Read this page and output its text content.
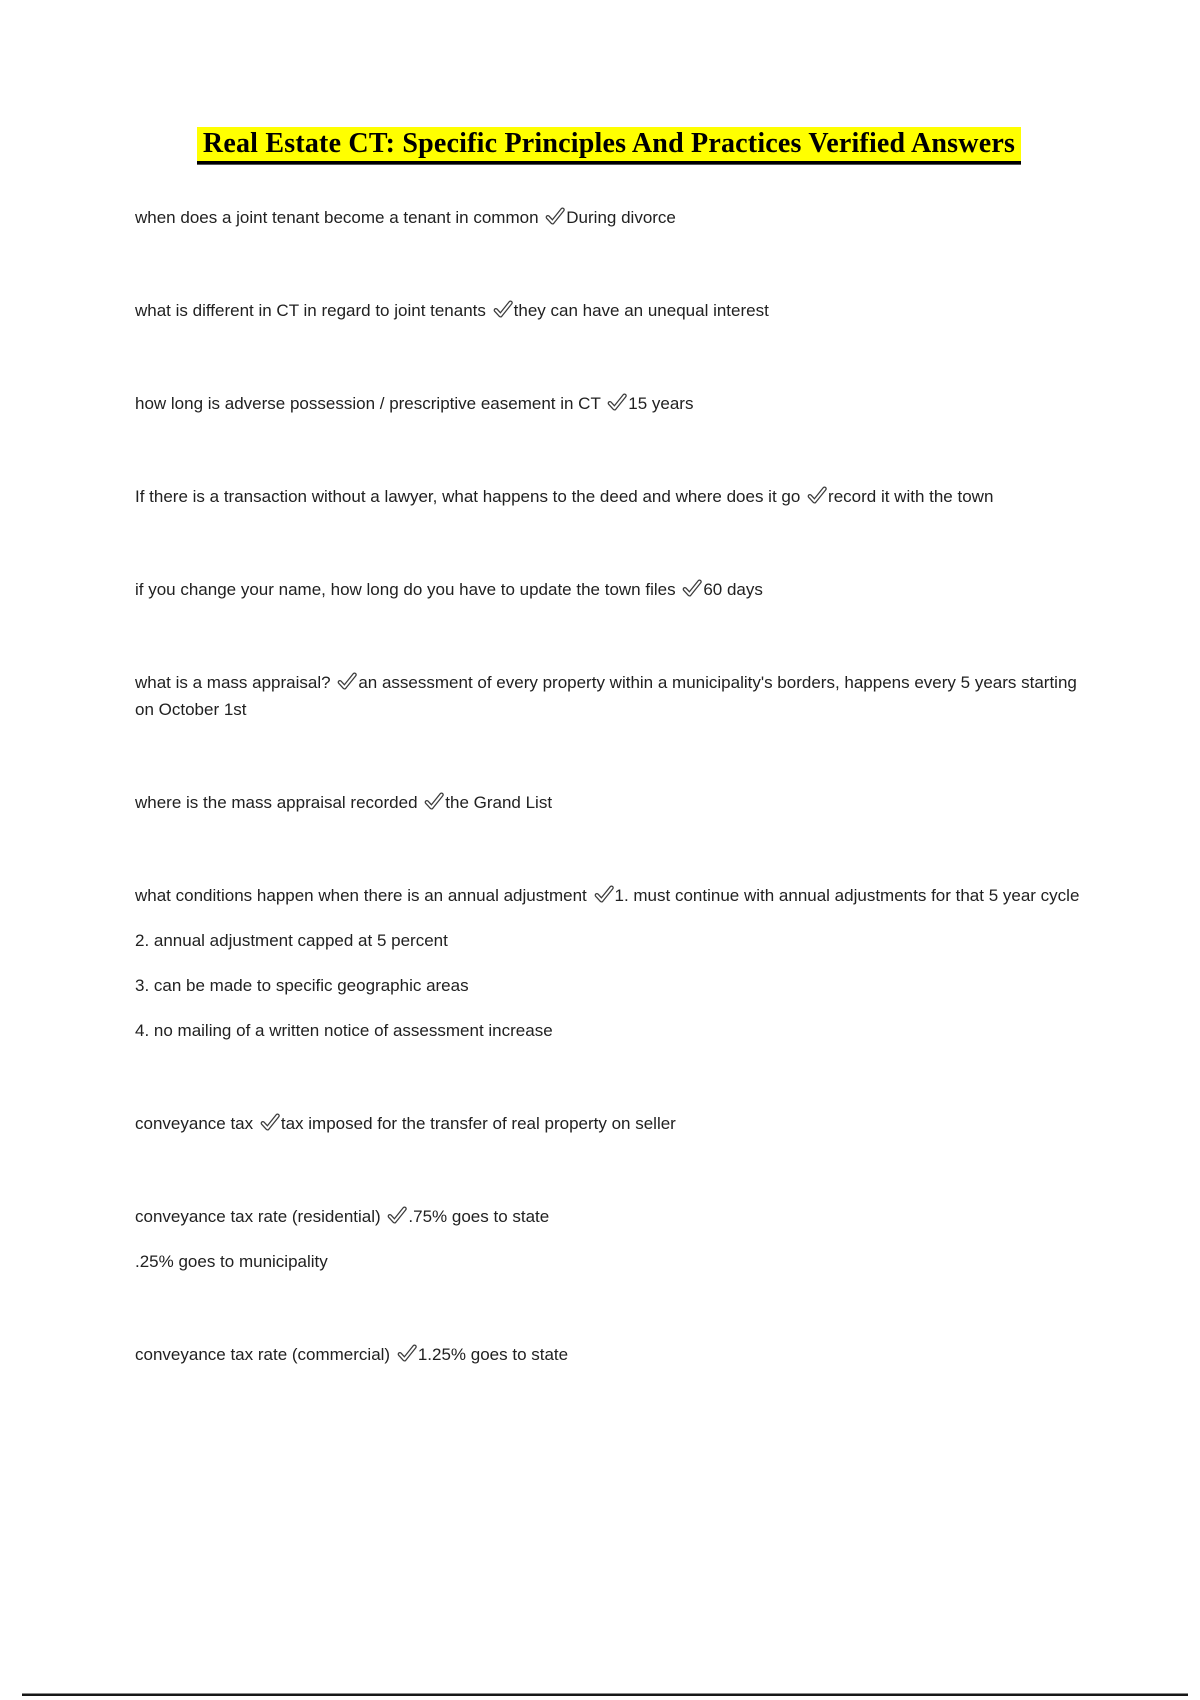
Real Estate CT: Specific Principles And Practices Verified Answers

when does a joint tenant become a tenant in common During divorce

what is different in CT in regard to joint tenants they can have an unequal interest

how long is adverse possession / prescriptive easement in CT 15 years

If there is a transaction without a lawyer, what happens to the deed and where does it go record it with the town

if you change your name, how long do you have to update the town files 60 days

what is a mass appraisal? an assessment of every property within a municipality's borders, happens every 5 years starting on October 1st

where is the mass appraisal recorded the Grand List

what conditions happen when there is an annual adjustment 1. must continue with annual adjustments for that 5 year cycle

2. annual adjustment capped at 5 percent

3. can be made to specific geographic areas

4. no mailing of a written notice of assessment increase

conveyance tax tax imposed for the transfer of real property on seller

conveyance tax rate (residential) .75% goes to state

.25% goes to municipality

conveyance tax rate (commercial) 1.25% goes to state
